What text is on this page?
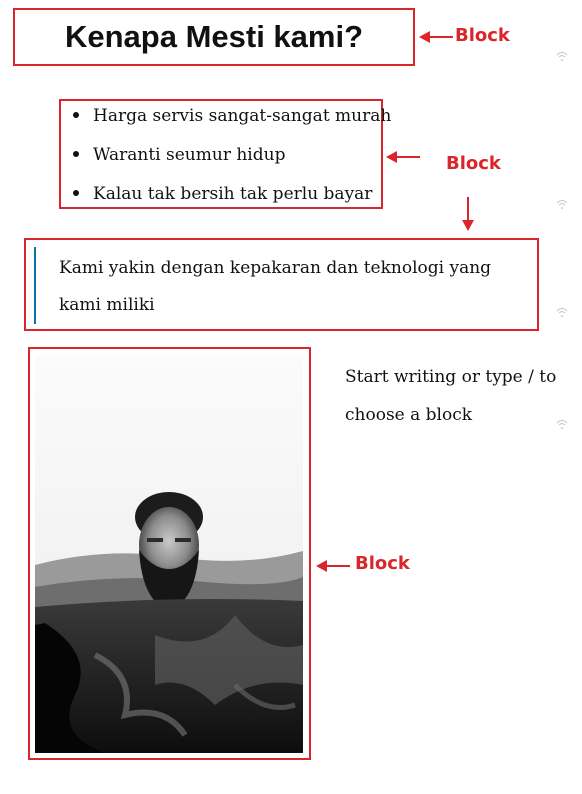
Kenapa Mesti kami?	Block
Harga servis sangat-sangat murah
Waranti seumur hidup
Kalau tak bersih tak perlu bayar
Block
Kami yakin dengan kepakaran dan teknologi yang kami miliki
Block
Start writing or type / to choose a block
